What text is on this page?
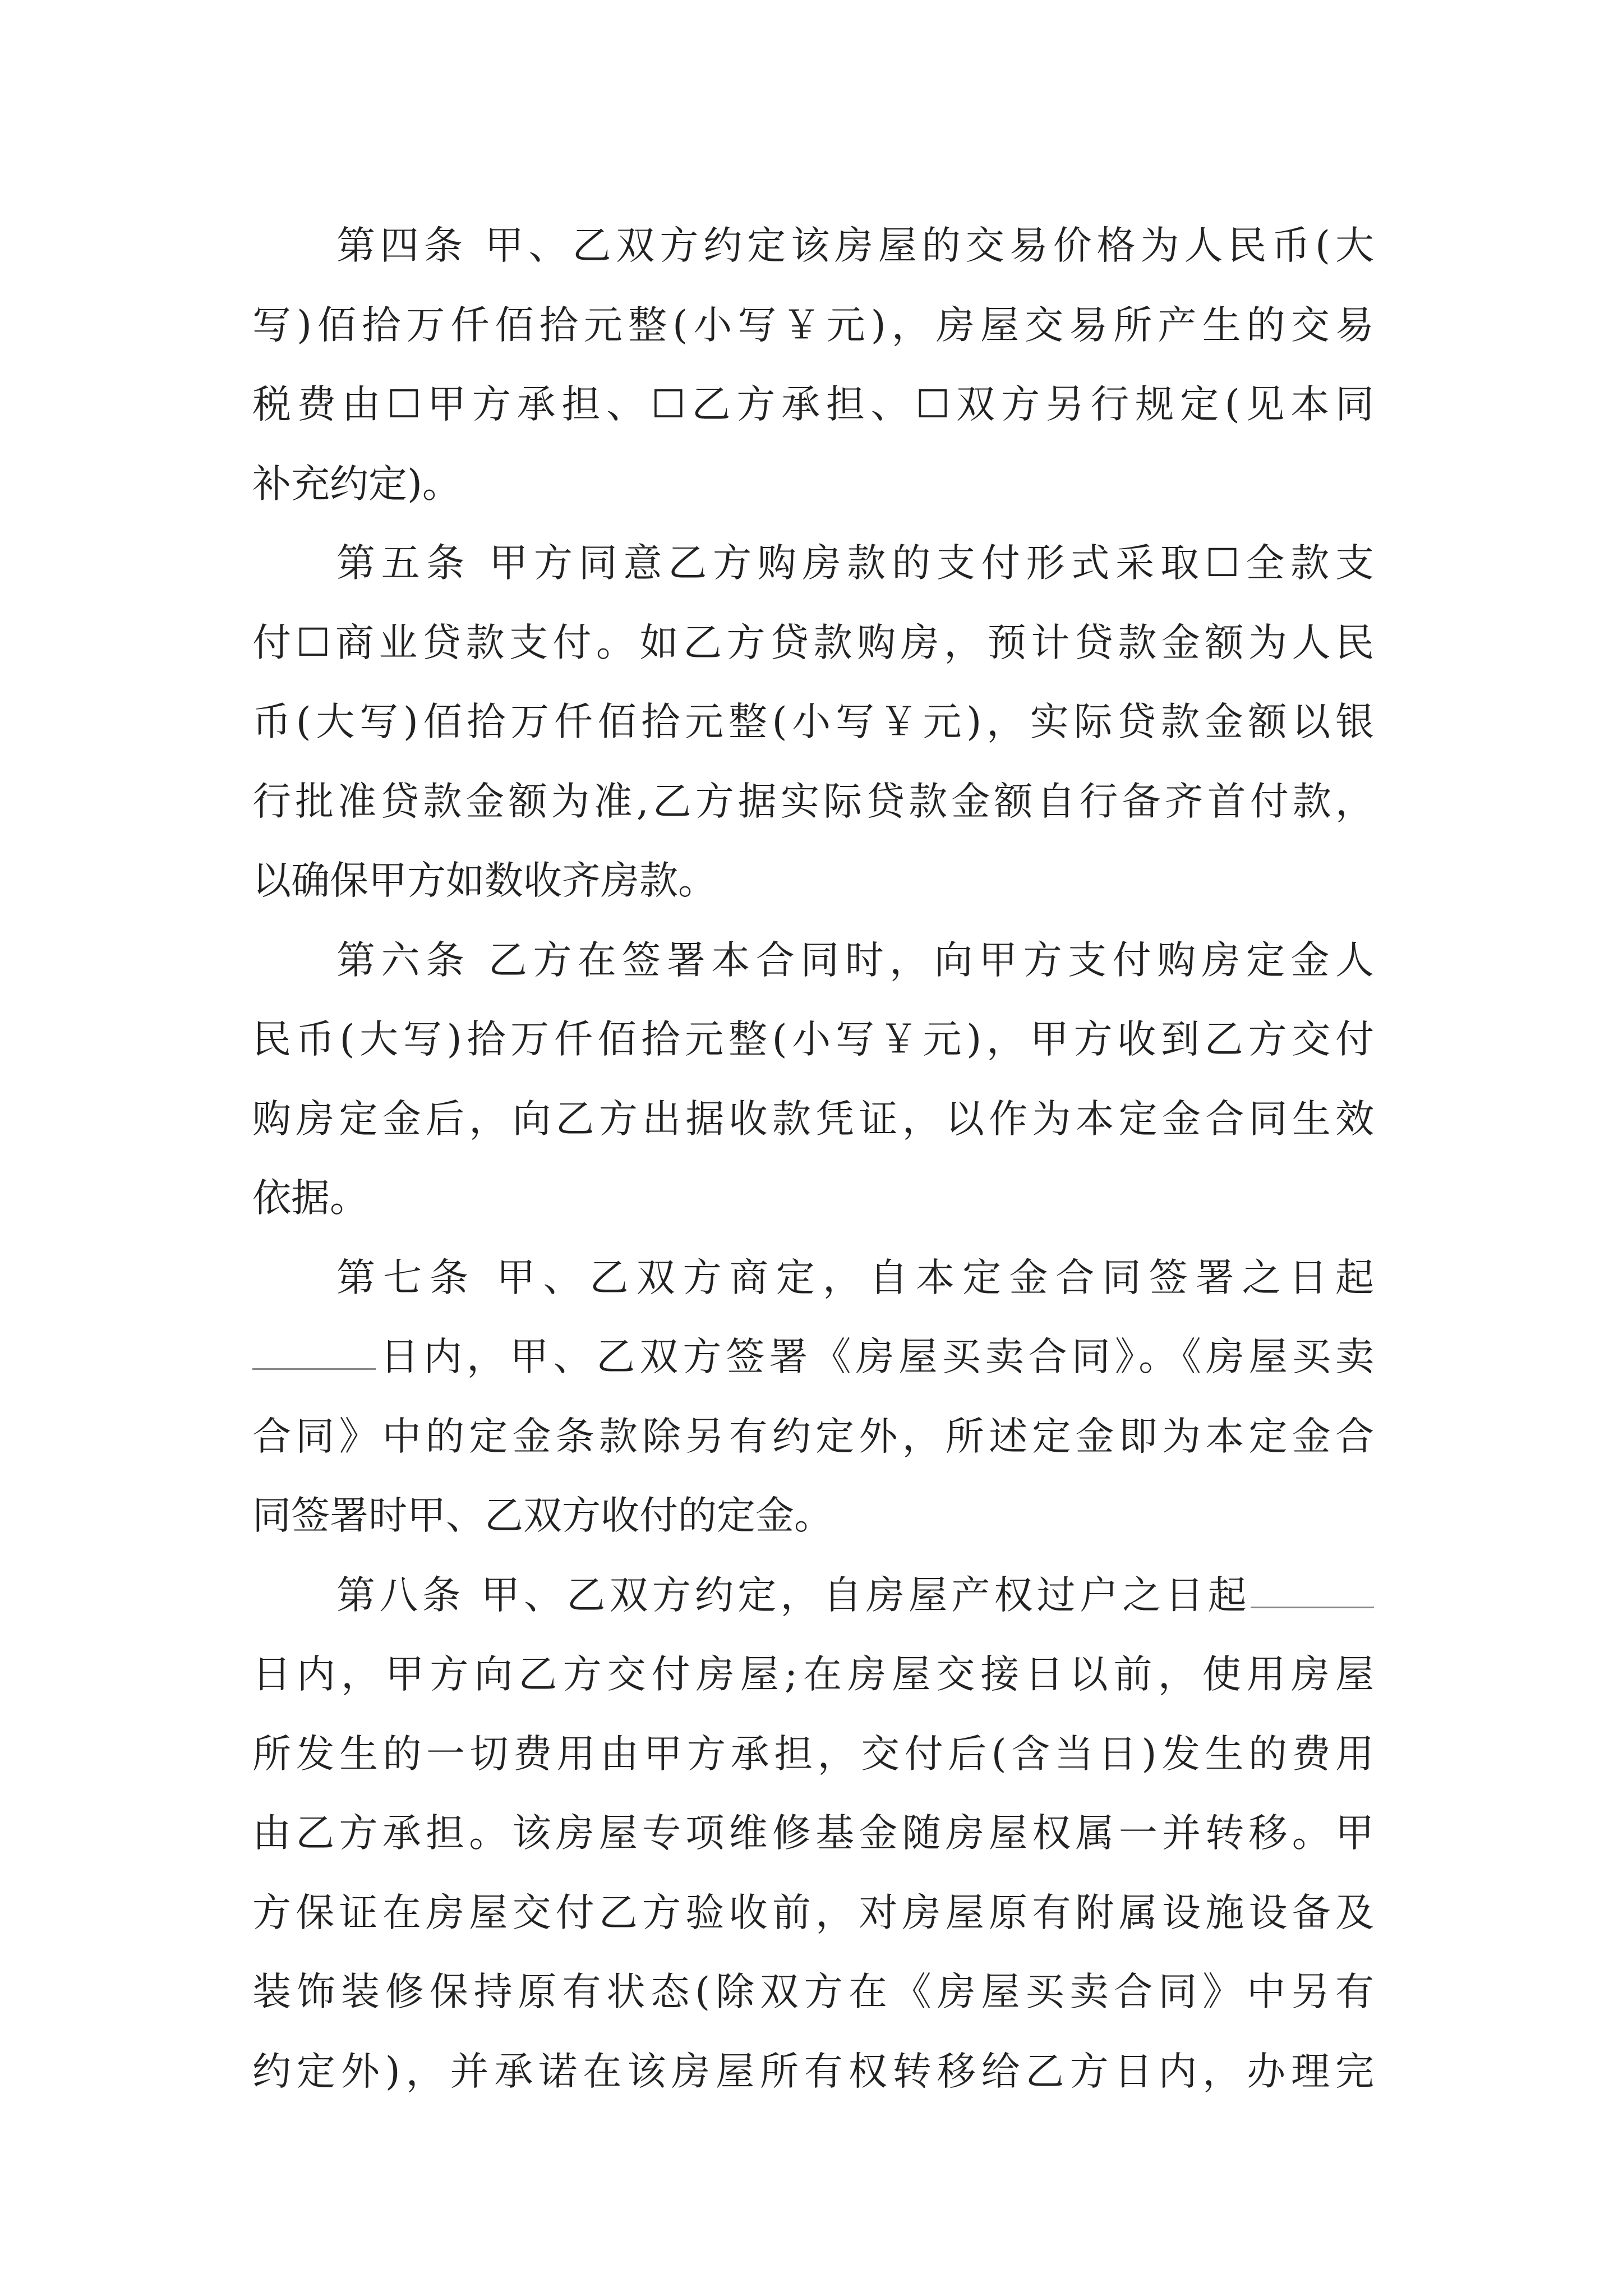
第四条 甲、乙双方约定该房屋的交易价格为人民币(大
写)佰拾万仟佰拾元整(小写￥元)，房屋交易所产生的交易
税费由☐甲方承担、☐乙方承担、☐双方另行规定(见本同
补充约定)。
第五条 甲方同意乙方购房款的支付形式采取☐全款支
付☐商业贷款支付。如乙方贷款购房，预计贷款金额为人民
币(大写)佰拾万仟佰拾元整(小写￥元)，实际贷款金额以银
行批准贷款金额为准,乙方据实际贷款金额自行备齐首付款，
以确保甲方如数收齐房款。
第六条 乙方在签署本合同时，向甲方支付购房定金人
民币(大写)拾万仟佰拾元整(小写￥元)，甲方收到乙方交付
购房定金后，向乙方出据收款凭证，以作为本定金合同生效
依据。
第七条 甲、乙双方商定，自本定金合同签署之日起
日内，甲、乙双方签署《房屋买卖合同》。《房屋买卖
合同》中的定金条款除另有约定外，所述定金即为本定金合
同签署时甲、乙双方收付的定金。
第八条 甲、乙双方约定，自房屋产权过户之日起
日内，甲方向乙方交付房屋;在房屋交接日以前，使用房屋
所发生的一切费用由甲方承担，交付后(含当日)发生的费用
由乙方承担。该房屋专项维修基金随房屋权属一并转移。甲
方保证在房屋交付乙方验收前，对房屋原有附属设施设备及
装饰装修保持原有状态(除双方在《房屋买卖合同》中另有
约定外)，并承诺在该房屋所有权转移给乙方日内，办理完
